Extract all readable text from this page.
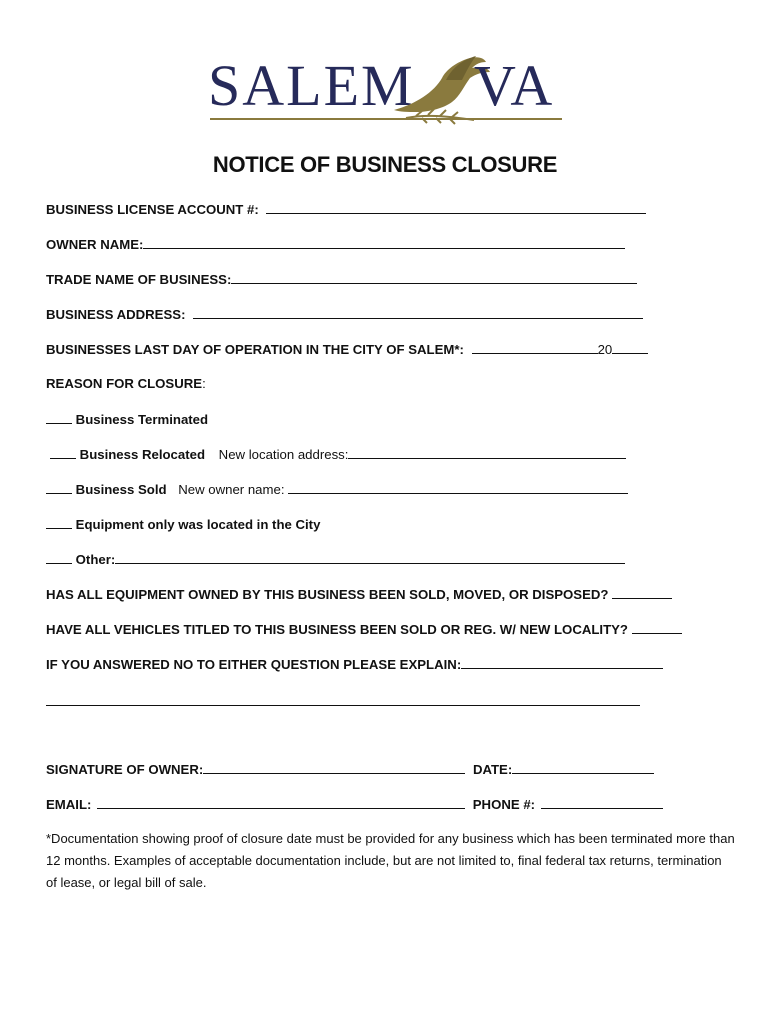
SALEM VA
NOTICE OF BUSINESS CLOSURE
BUSINESS LICENSE ACCOUNT #:
OWNER NAME:
TRADE NAME OF BUSINESS:
BUSINESS ADDRESS:
BUSINESSES LAST DAY OF OPERATION IN THE CITY OF SALEM*:	20
REASON FOR CLOSURE:
Business Terminated
Business Relocated New location address:
Business Sold New owner name:
Equipment only was located in the City
Other:
HAS ALL EQUIPMENT OWNED BY THIS BUSINESS BEEN SOLD, MOVED, OR DISPOSED?
HAVE ALL VEHICLES TITLED TO THIS BUSINESS BEEN SOLD OR REG. W/ NEW LOCALITY?
IF YOU ANSWERED NO TO EITHER QUESTION PLEASE EXPLAIN:
SIGNATURE OF OWNER:	DATE:
EMAIL:	PHONE #:
*Documentation showing proof of closure date must be provided for any business which has been terminated more than 12 months. Examples of acceptable documentation include, but are not limited to, final federal tax returns, termination of lease, or legal bill of sale.
